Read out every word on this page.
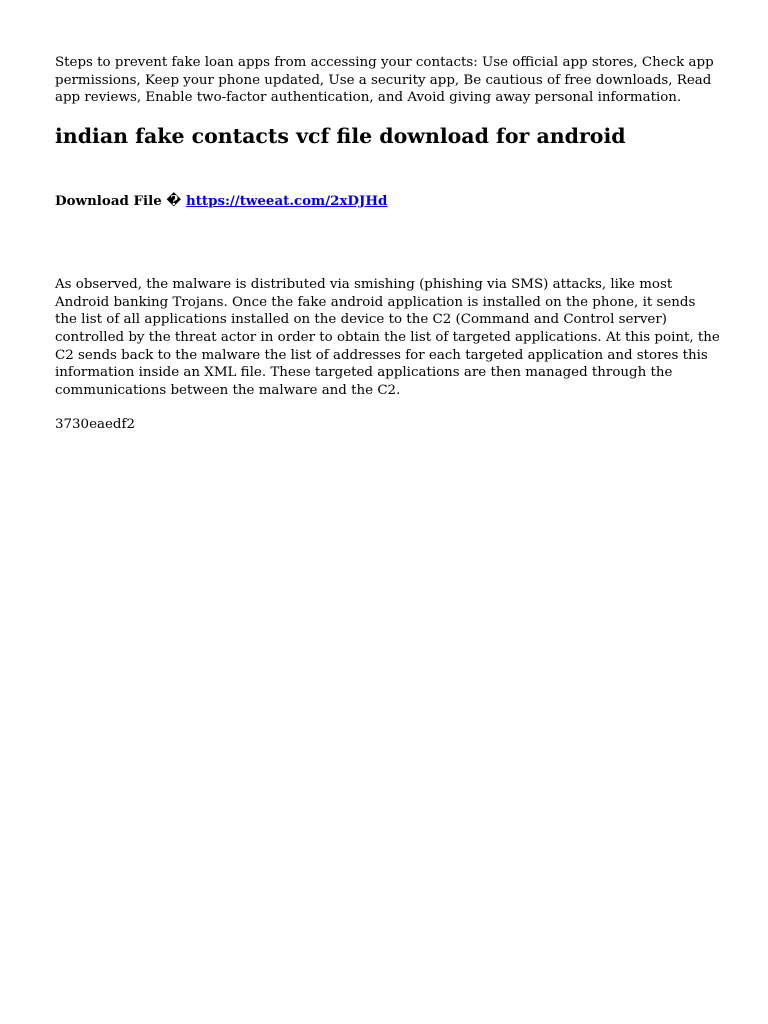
Steps to prevent fake loan apps from accessing your contacts: Use official app stores, Check app permissions, Keep your phone updated, Use a security app, Be cautious of free downloads, Read app reviews, Enable two-factor authentication, and Avoid giving away personal information.

indian fake contacts vcf file download for android

Download File � https://tweeat.com/2xDJHd

As observed, the malware is distributed via smishing (phishing via SMS) attacks, like most Android banking Trojans. Once the fake android application is installed on the phone, it sends the list of all applications installed on the device to the C2 (Command and Control server) controlled by the threat actor in order to obtain the list of targeted applications. At this point, the C2 sends back to the malware the list of addresses for each targeted application and stores this information inside an XML file. These targeted applications are then managed through the communications between the malware and the C2.

3730eaedf2
